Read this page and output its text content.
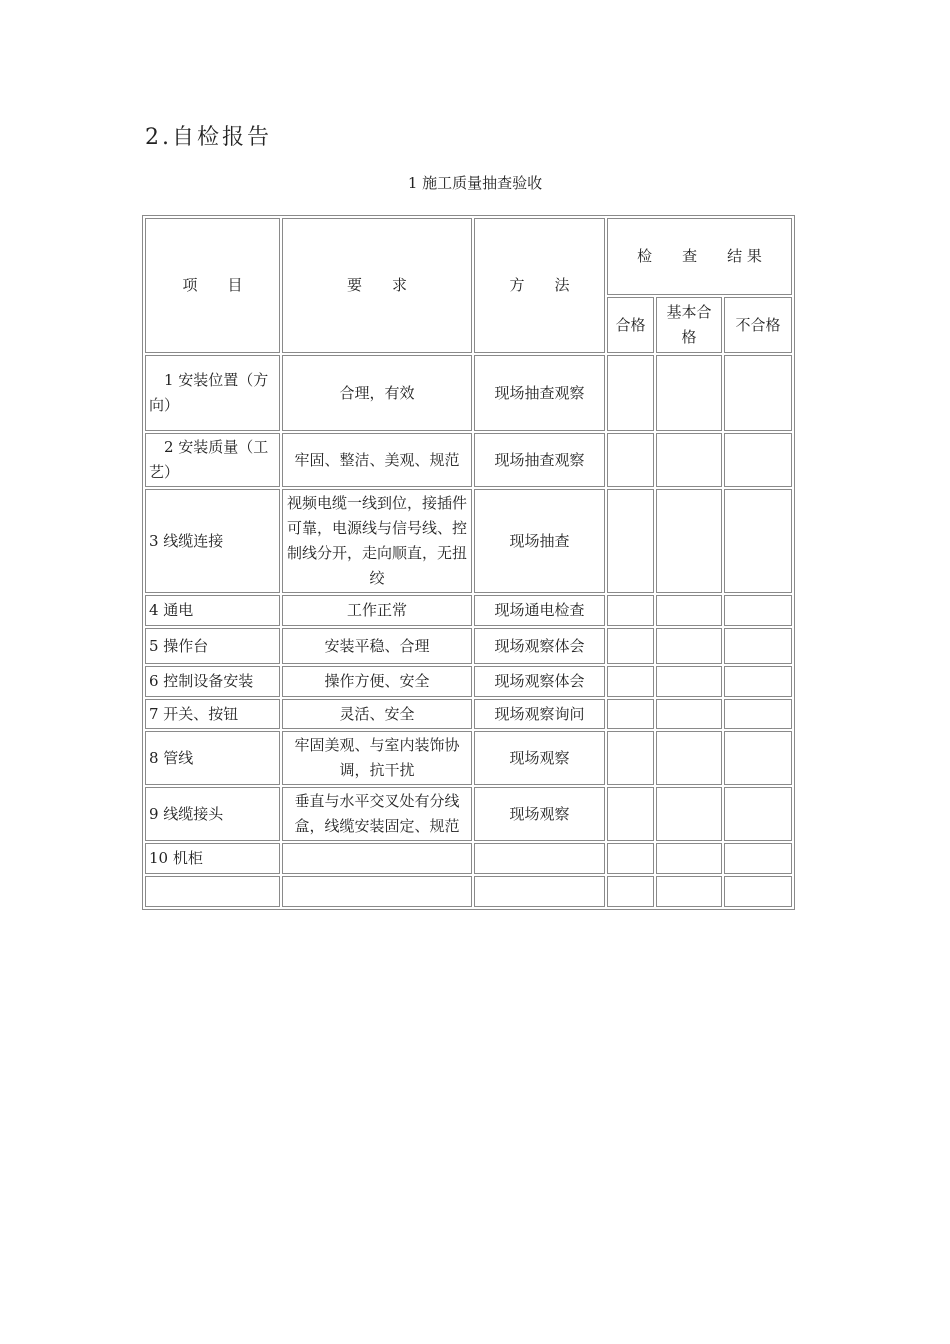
2.自检报告
1 施工质量抽查验收
项　　目	要　　求	方　　法	检　　查　　结 果		
			合格	基本合格	不合格
1 安装位置（方向）	合理，有效	现场抽查观察			
2 安装质量（工艺）	牢固、整洁、美观、规范	现场抽查观察			
3 线缆连接	视频电缆一线到位，接插件可靠，电源线与信号线、控制线分开，走向顺直，无扭绞	现场抽查			
4 通电	工作正常	现场通电检查			
5 操作台	安装平稳、合理	现场观察体会			
6 控制设备安装	操作方便、安全	现场观察体会			
7 开关、按钮	灵活、安全	现场观察询问			
8 管线	牢固美观、与室内装饰协调，抗干扰	现场观察			
9 线缆接头	垂直与水平交叉处有分线盒，线缆安装固定、规范	现场观察			
10 机柜					
